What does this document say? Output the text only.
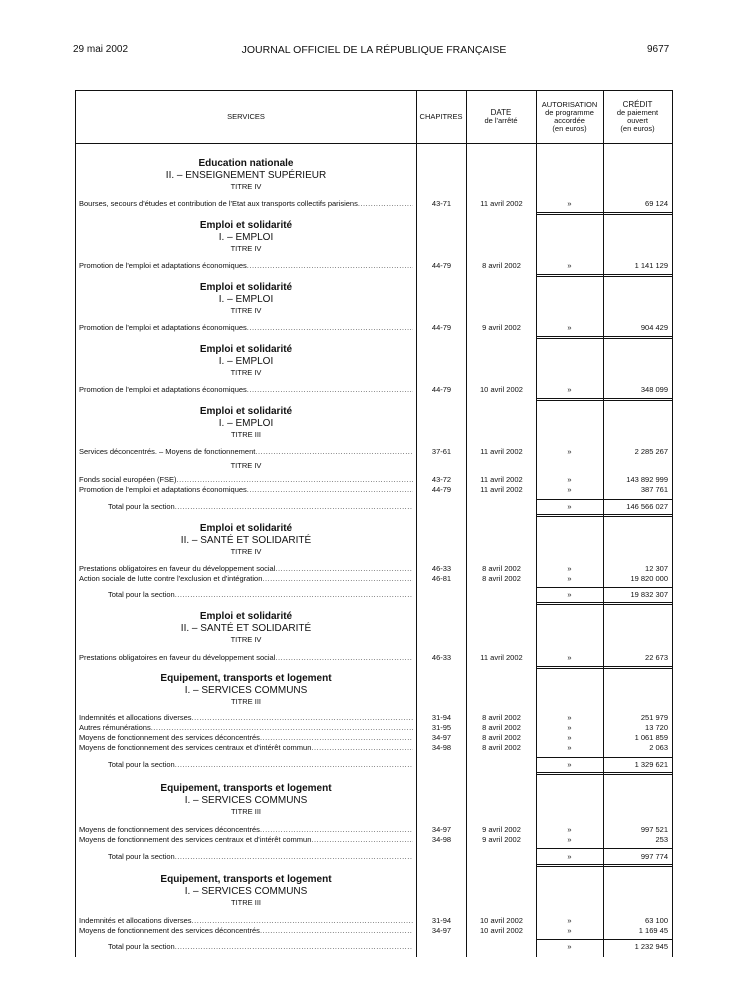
29 mai 2002	JOURNAL OFFICIEL DE LA RÉPUBLIQUE FRANÇAISE	9677
SERVICES	CHAPITRES	DATE
de l'arrêté
AUTORISATION
de programme
accordée
(en euros)
CRÉDIT
de paiement
ouvert
(en euros)
Education nationale
II. – ENSEIGNEMENT SUPÉRIEUR
TITRE IV
Bourses, secours d'études et contribution de l'Etat aux transports collectifs parisiens .....	43-71	11 avril 2002	»	69 124
Emploi et solidarité
I. – EMPLOI
TITRE IV
Promotion de l'emploi et adaptations économiques .....	44-79	8 avril 2002	»	1 141 129
Emploi et solidarité
I. – EMPLOI
TITRE IV
Promotion de l'emploi et adaptations économiques .....	44-79	9 avril 2002	»	904 429
Emploi et solidarité
I. – EMPLOI
TITRE IV
Promotion de l'emploi et adaptations économiques .....	44-79	10 avril 2002	»	348 099
Emploi et solidarité
I. – EMPLOI
TITRE III
Services déconcentrés. – Moyens de fonctionnement .....	37-61	11 avril 2002	»	2 285 267
TITRE IV
Fonds social européen (FSE) .....	43-72	11 avril 2002	»	143 892 999
Promotion de l'emploi et adaptations économiques .....	44-79	11 avril 2002	»	387 761
Total pour la section .....	»	146 566 027
Emploi et solidarité
II. – SANTÉ ET SOLIDARITÉ
TITRE IV
Prestations obligatoires en faveur du développement social .....	46-33	8 avril 2002	»	12 307
Action sociale de lutte contre l'exclusion et d'intégration .....	46-81	8 avril 2002	»	19 820 000
Total pour la section .....	»	19 832 307
Emploi et solidarité
II. – SANTÉ ET SOLIDARITÉ
TITRE IV
Prestations obligatoires en faveur du développement social .....	46-33	11 avril 2002	»	22 673
Equipement, transports et logement
I. – SERVICES COMMUNS
TITRE III
Indemnités et allocations diverses .....	31-94	8 avril 2002	»	251 979
Autres rémunérations .....	31-95	8 avril 2002	»	13 720
Moyens de fonctionnement des services déconcentrés .....	34-97	8 avril 2002	»	1 061 859
Moyens de fonctionnement des services centraux et d'intérêt commun .....	34-98	8 avril 2002	»	2 063
Total pour la section .....	»	1 329 621
Equipement, transports et logement
I. – SERVICES COMMUNS
TITRE III
Moyens de fonctionnement des services déconcentrés .....	34-97	9 avril 2002	»	997 521
Moyens de fonctionnement des services centraux et d'intérêt commun .....	34-98	9 avril 2002	»	253
Total pour la section .....	»	997 774
Equipement, transports et logement
I. – SERVICES COMMUNS
TITRE III
Indemnités et allocations diverses .....	31-94	10 avril 2002	»	63 100
Moyens de fonctionnement des services déconcentrés .....	34-97	10 avril 2002	»	1 169 45
Total pour la section .....	»	1 232 945
